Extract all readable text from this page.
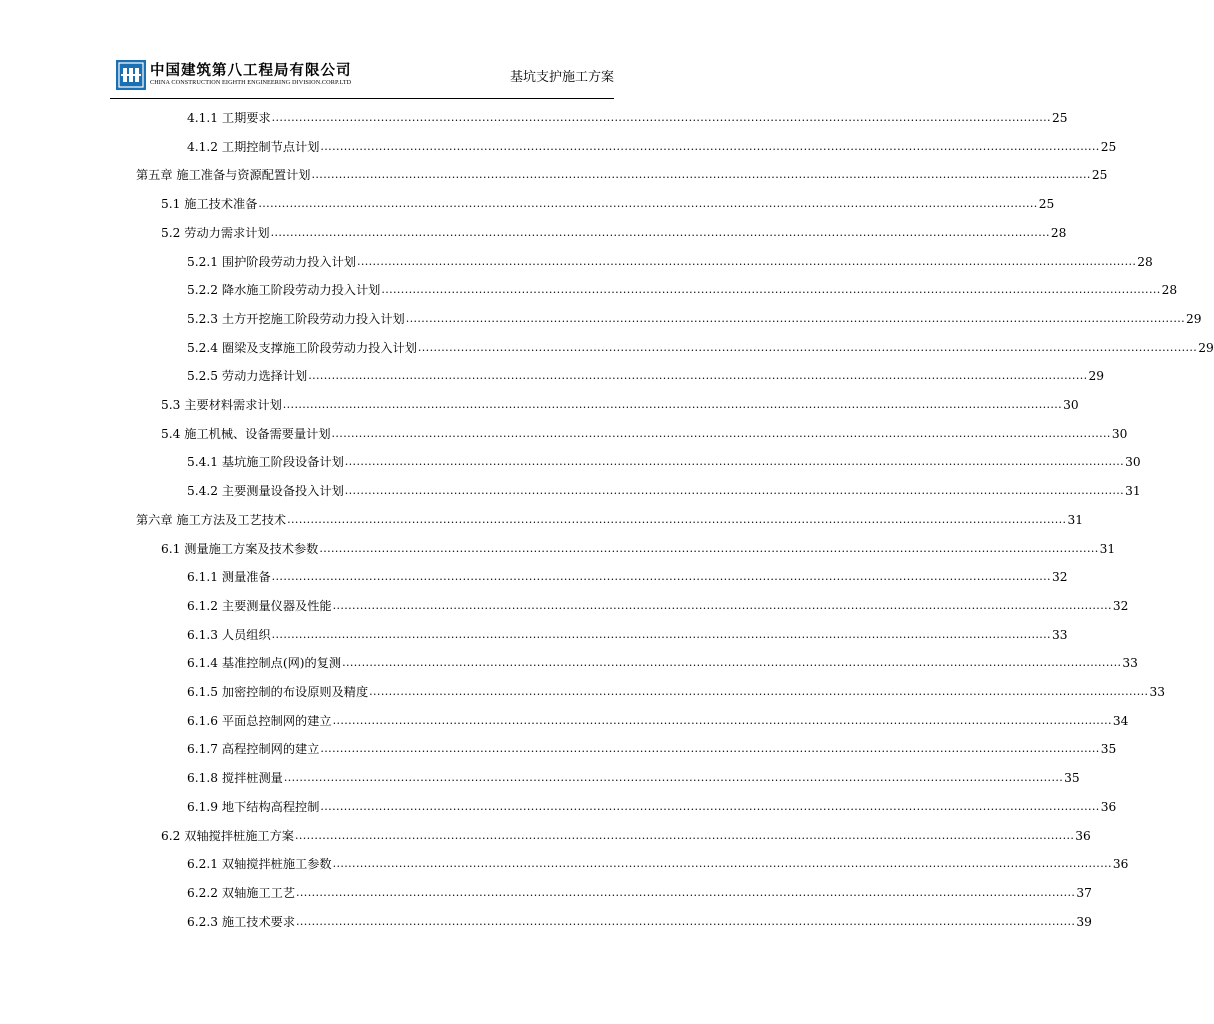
中国建筑第八工程局有限公司
CHINA CONSTRUCTION EIGHTH ENGINEERING DIVISION.CORP.LTD	基坑支护施工方案
4.1.1 工期要求 ........................................................................................................................................................................................................ 25
4.1.2 工期控制节点计划 ........................................................................................................................................................................................................ 25
第五章 施工准备与资源配置计划 ........................................................................................................................................................................................................ 25
5.1 施工技术准备 ........................................................................................................................................................................................................ 25
5.2 劳动力需求计划 ........................................................................................................................................................................................................ 28
5.2.1 围护阶段劳动力投入计划 ........................................................................................................................................................................................................ 28
5.2.2 降水施工阶段劳动力投入计划 ........................................................................................................................................................................................................ 28
5.2.3 土方开挖施工阶段劳动力投入计划 ........................................................................................................................................................................................................ 29
5.2.4 圈梁及支撑施工阶段劳动力投入计划 ........................................................................................................................................................................................................ 29
5.2.5 劳动力选择计划 ........................................................................................................................................................................................................ 29
5.3 主要材料需求计划 ........................................................................................................................................................................................................ 30
5.4 施工机械、设备需要量计划 ........................................................................................................................................................................................................ 30
5.4.1 基坑施工阶段设备计划 ........................................................................................................................................................................................................ 30
5.4.2 主要测量设备投入计划 ........................................................................................................................................................................................................ 31
第六章 施工方法及工艺技术 ........................................................................................................................................................................................................ 31
6.1 测量施工方案及技术参数 ........................................................................................................................................................................................................ 31
6.1.1 测量准备 ........................................................................................................................................................................................................ 32
6.1.2 主要测量仪器及性能 ........................................................................................................................................................................................................ 32
6.1.3 人员组织 ........................................................................................................................................................................................................ 33
6.1.4 基准控制点(网)的复测 ........................................................................................................................................................................................................ 33
6.1.5 加密控制的布设原则及精度 ........................................................................................................................................................................................................ 33
6.1.6 平面总控制网的建立 ........................................................................................................................................................................................................ 34
6.1.7 高程控制网的建立 ........................................................................................................................................................................................................ 35
6.1.8 搅拌桩测量 ........................................................................................................................................................................................................ 35
6.1.9 地下结构高程控制 ........................................................................................................................................................................................................ 36
6.2 双轴搅拌桩施工方案 ........................................................................................................................................................................................................ 36
6.2.1 双轴搅拌桩施工参数 ........................................................................................................................................................................................................ 36
6.2.2 双轴施工工艺 ........................................................................................................................................................................................................ 37
6.2.3 施工技术要求 ........................................................................................................................................................................................................ 39
